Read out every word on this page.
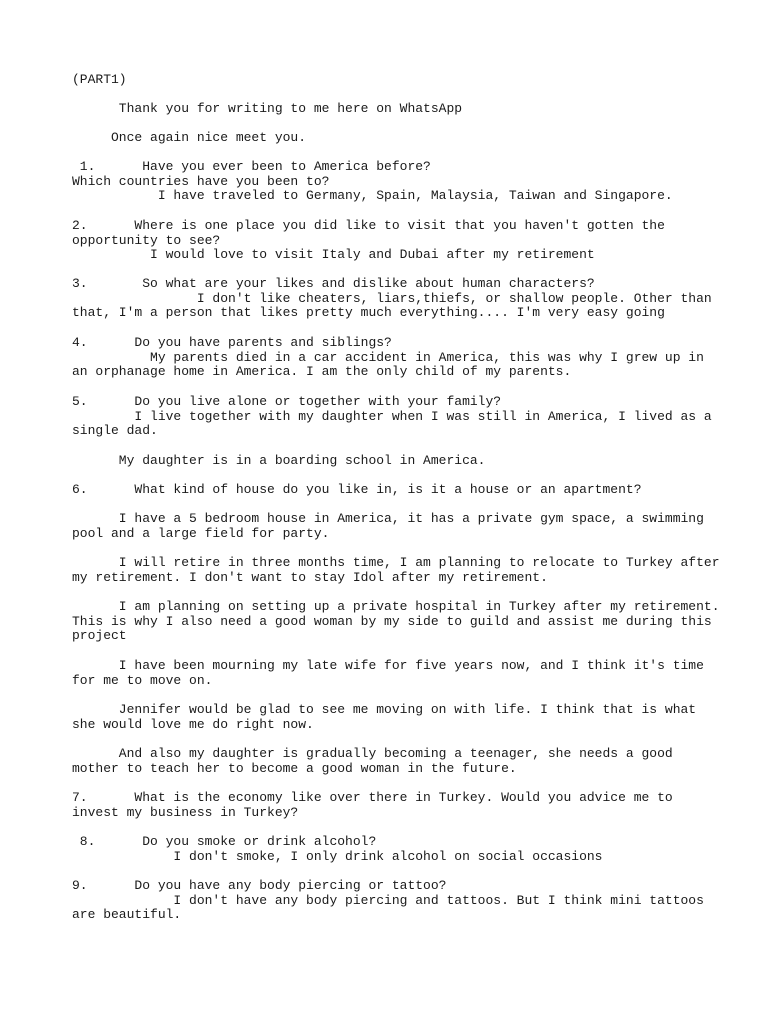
(PART1)
Thank you for writing to me here on WhatsApp
Once again nice meet you.
1.      Have you ever been to America before?
Which countries have you been to?
I have traveled to Germany, Spain, Malaysia, Taiwan and Singapore.
2.      Where is one place you did like to visit that you haven't gotten the
opportunity to see?
I would love to visit Italy and Dubai after my retirement
3.       So what are your likes and dislike about human characters?
I don't like cheaters, liars,thiefs, or shallow people. Other than
that, I'm a person that likes pretty much everything.... I'm very easy going
4.      Do you have parents and siblings?
My parents died in a car accident in America, this was why I grew up in
an orphanage home in America. I am the only child of my parents.
5.      Do you live alone or together with your family?
I live together with my daughter when I was still in America, I lived as a
single dad.
My daughter is in a boarding school in America.
6.      What kind of house do you like in, is it a house or an apartment?
I have a 5 bedroom house in America, it has a private gym space, a swimming
pool and a large field for party.
I will retire in three months time, I am planning to relocate to Turkey after
my retirement. I don't want to stay Idol after my retirement.
I am planning on setting up a private hospital in Turkey after my retirement.
This is why I also need a good woman by my side to guild and assist me during this
project
I have been mourning my late wife for five years now, and I think it's time
for me to move on.
Jennifer would be glad to see me moving on with life. I think that is what
she would love me do right now.
And also my daughter is gradually becoming a teenager, she needs a good
mother to teach her to become a good woman in the future.
7.      What is the economy like over there in Turkey. Would you advice me to
invest my business in Turkey?
8.      Do you smoke or drink alcohol?
I don't smoke, I only drink alcohol on social occasions
9.      Do you have any body piercing or tattoo?
I don't have any body piercing and tattoos. But I think mini tattoos
are beautiful.
